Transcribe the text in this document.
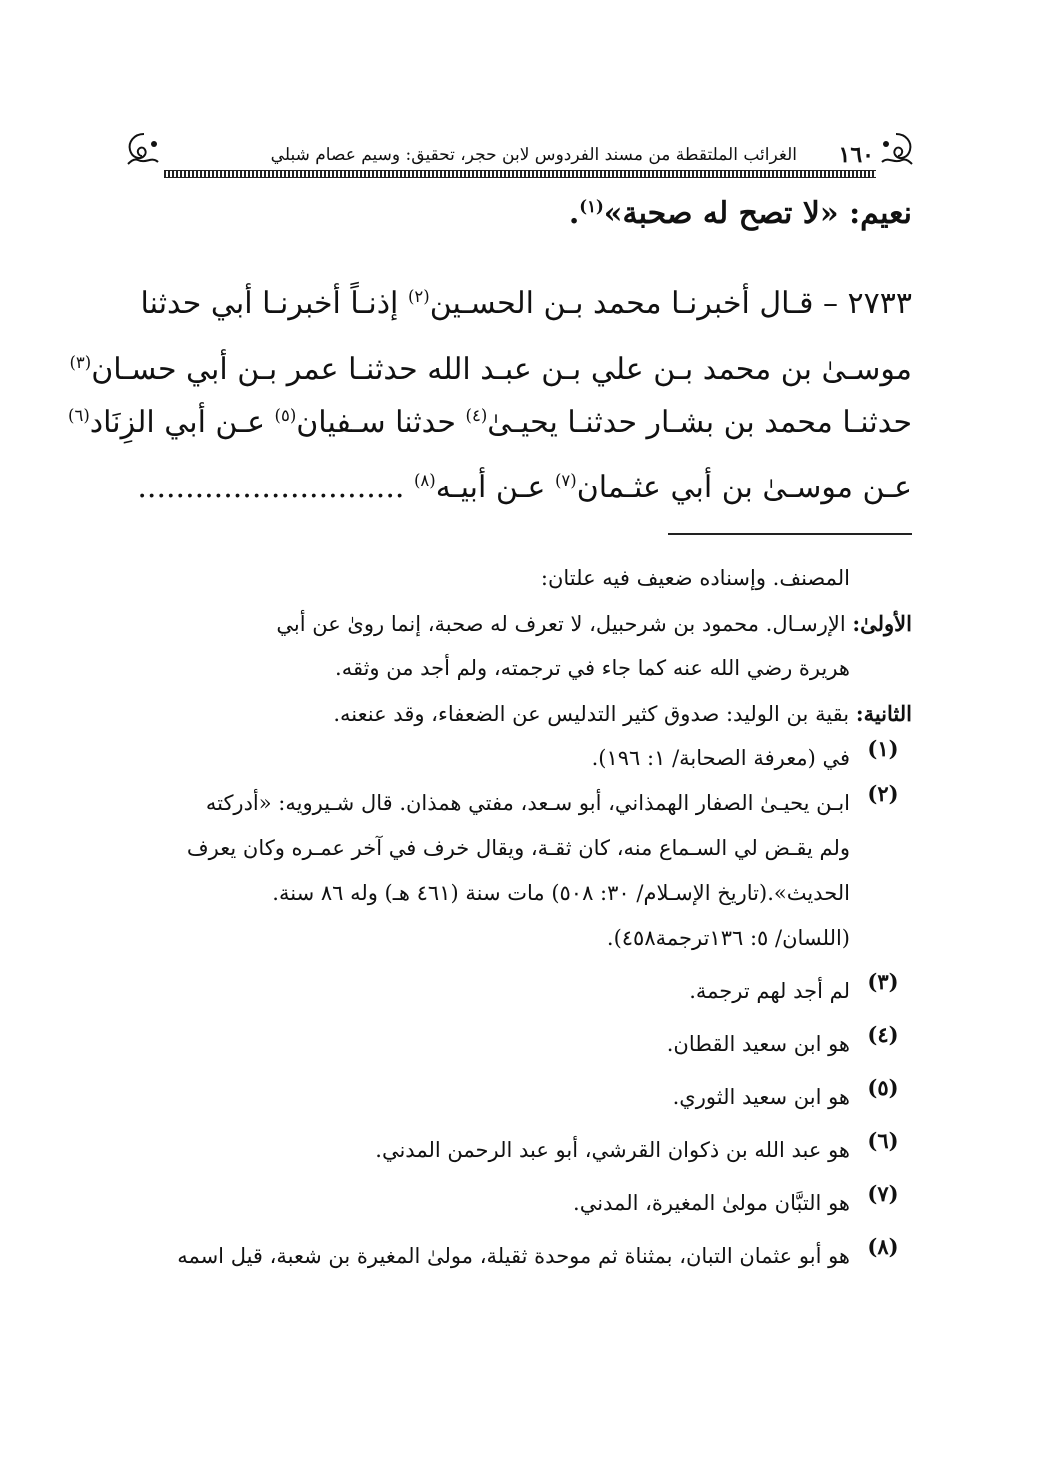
١٦٠
الغرائب الملتقطة من مسند الفردوس لابن حجر، تحقيق: وسيم عصام شبلي
نعيم: «لا تصح له صحبة»$^{(١)}$.
٢٧٣٣ – قـال أخبرنـا محمد بـن الحسـين$^{(٢)}$ إذنـاً أخبرنـا أبي حدثنا
موسـىٰ بن محمد بـن علي بـن عبـد الله حدثنـا عمر بـن أبي حسـان$^{(٣)}$
حدثنـا محمد بن بشـار حدثنـا يحيـىٰ$^{(٤)}$ حدثنا سـفيان$^{(٥)}$ عـن أبي الزِنَاد$^{(٦)}$
عـن موسـىٰ بن أبي عثـمان$^{(٧)}$ عـن أبيـه$^{(٨)}$ ............................
المصنف. وإسناده ضعيف فيه علتان:
الأولىٰ: الإرسـال. محمود بن شرحبيل، لا تعرف له صحبة، إنما روىٰ عن أبي
هريرة رضي الله عنه كما جاء في ترجمته، ولم أجد من وثقه.
الثانية: بقية بن الوليد: صدوق كثير التدليس عن الضعفاء، وقد عنعنه.
(١)
في (معرفة الصحابة/ ١: ١٩٦).
(٢)
ابـن يحيـىٰ الصفار الهمذاني، أبو سـعد، مفتي همذان. قال شـيرويه: «أدركته
ولم يقـض لي السـماع منه، كان ثقـة، ويقال خرف في آخر عمـره وكان يعرف
الحديث».(تاريخ الإسـلام/ ٣٠: ٥٠٨) مات سنة (٤٦١ هـ) وله ٨٦ سنة.
(اللسان/ ٥: ١٣٦ترجمة٤٥٨).
(٣)
لم أجد لهم ترجمة.
(٤)
هو ابن سعيد القطان.
(٥)
هو ابن سعيد الثوري.
(٦)
هو عبد الله بن ذكوان القرشي، أبو عبد الرحمن المدني.
(٧)
هو التبَّان مولىٰ المغيرة، المدني.
(٨)
هو أبو عثمان التبان، بمثناة ثم موحدة ثقيلة، مولىٰ المغيرة بن شعبة، قيل اسمه
